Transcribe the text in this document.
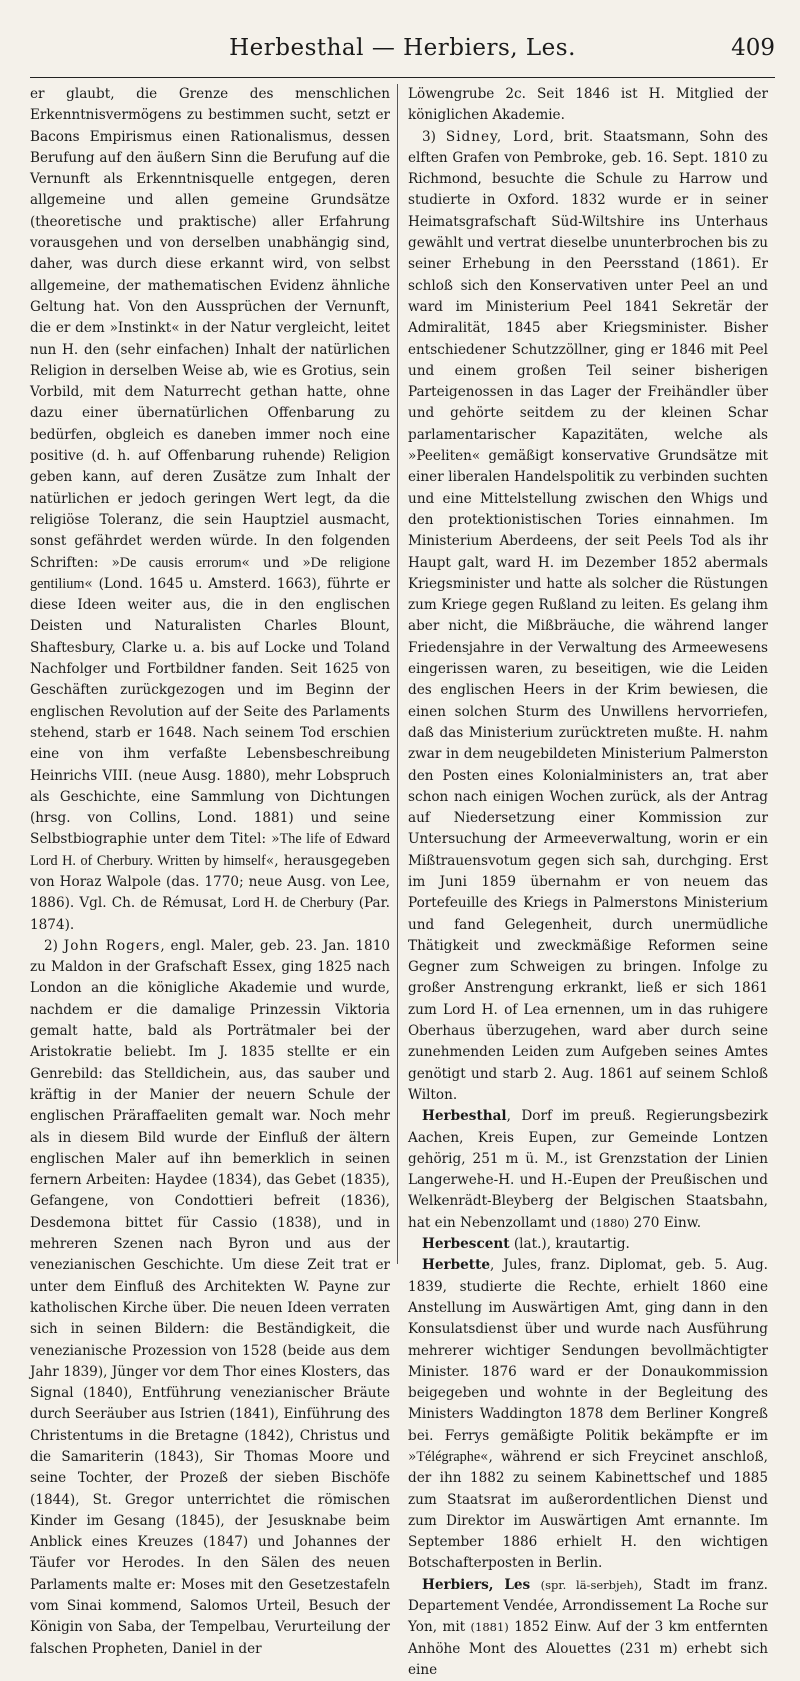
Herbesthal — Herbiers, Les.	409

er glaubt, die Grenze des menschlichen Erkenntnisvermögens zu bestimmen sucht, setzt er Bacons Empirismus einen Rationalismus, dessen Berufung auf den äußern Sinn die Berufung auf die Vernunft als Erkenntnisquelle entgegen, deren allgemeine und allen gemeine Grundsätze (theoretische und praktische) aller Erfahrung vorausgehen und von derselben unabhängig sind, daher, was durch diese erkannt wird, von selbst allgemeine, der mathematischen Evidenz ähnliche Geltung hat. Von den Aussprüchen der Vernunft, die er dem »Instinkt« in der Natur vergleicht, leitet nun H. den (sehr einfachen) Inhalt der natürlichen Religion in derselben Weise ab, wie es Grotius, sein Vorbild, mit dem Naturrecht gethan hatte, ohne dazu einer übernatürlichen Offenbarung zu bedürfen, obgleich es daneben immer noch eine positive (d. h. auf Offenbarung ruhende) Religion geben kann, auf deren Zusätze zum Inhalt der natürlichen er jedoch geringen Wert legt, da die religiöse Toleranz, die sein Hauptziel ausmacht, sonst gefährdet werden würde. In den folgenden Schriften: »De causis errorum« und »De religione gentilium« (Lond. 1645 u. Amsterd. 1663), führte er diese Ideen weiter aus, die in den englischen Deisten und Naturalisten Charles Blount, Shaftesbury, Clarke u. a. bis auf Locke und Toland Nachfolger und Fortbildner fanden. Seit 1625 von Geschäften zurückgezogen und im Beginn der englischen Revolution auf der Seite des Parlaments stehend, starb er 1648. Nach seinem Tod erschien eine von ihm verfaßte Lebensbeschreibung Heinrichs VIII. (neue Ausg. 1880), mehr Lobspruch als Geschichte, eine Sammlung von Dichtungen (hrsg. von Collins, Lond. 1881) und seine Selbstbiographie unter dem Titel: »The life of Edward Lord H. of Cherbury. Written by himself«, herausgegeben von Horaz Walpole (das. 1770; neue Ausg. von Lee, 1886). Vgl. Ch. de Rémusat, Lord H. de Cherbury (Par. 1874).

2) John Rogers, engl. Maler, geb. 23. Jan. 1810 zu Maldon in der Grafschaft Essex, ging 1825 nach London an die königliche Akademie und wurde, nachdem er die damalige Prinzessin Viktoria gemalt hatte, bald als Porträtmaler bei der Aristokratie beliebt. Im J. 1835 stellte er ein Genrebild: das Stelldichein, aus, das sauber und kräftig in der Manier der neuern Schule der englischen Präraffaeliten gemalt war. Noch mehr als in diesem Bild wurde der Einfluß der ältern englischen Maler auf ihn bemerklich in seinen fernern Arbeiten: Haydee (1834), das Gebet (1835), Gefangene, von Condottieri befreit (1836), Desdemona bittet für Cassio (1838), und in mehreren Szenen nach Byron und aus der venezianischen Geschichte. Um diese Zeit trat er unter dem Einfluß des Architekten W. Payne zur katholischen Kirche über. Die neuen Ideen verraten sich in seinen Bildern: die Beständigkeit, die venezianische Prozession von 1528 (beide aus dem Jahr 1839), Jünger vor dem Thor eines Klosters, das Signal (1840), Entführung venezianischer Bräute durch Seeräuber aus Istrien (1841), Einführung des Christentums in die Bretagne (1842), Christus und die Samariterin (1843), Sir Thomas Moore und seine Tochter, der Prozeß der sieben Bischöfe (1844), St. Gregor unterrichtet die römischen Kinder im Gesang (1845), der Jesusknabe beim Anblick eines Kreuzes (1847) und Johannes der Täufer vor Herodes. In den Sälen des neuen Parlaments malte er: Moses mit den Gesetzestafeln vom Sinai kommend, Salomos Urteil, Besuch der Königin von Saba, der Tempelbau, Verurteilung der falschen Propheten, Daniel in der

Löwengrube 2c. Seit 1846 ist H. Mitglied der königlichen Akademie.

3) Sidney, Lord, brit. Staatsmann, Sohn des elften Grafen von Pembroke, geb. 16. Sept. 1810 zu Richmond, besuchte die Schule zu Harrow und studierte in Oxford. 1832 wurde er in seiner Heimatsgrafschaft Süd-Wiltshire ins Unterhaus gewählt und vertrat dieselbe ununterbrochen bis zu seiner Erhebung in den Peersstand (1861). Er schloß sich den Konservativen unter Peel an und ward im Ministerium Peel 1841 Sekretär der Admiralität, 1845 aber Kriegsminister. Bisher entschiedener Schutzzöllner, ging er 1846 mit Peel und einem großen Teil seiner bisherigen Parteigenossen in das Lager der Freihändler über und gehörte seitdem zu der kleinen Schar parlamentarischer Kapazitäten, welche als »Peeliten« gemäßigt konservative Grundsätze mit einer liberalen Handelspolitik zu verbinden suchten und eine Mittelstellung zwischen den Whigs und den protektionistischen Tories einnahmen. Im Ministerium Aberdeens, der seit Peels Tod als ihr Haupt galt, ward H. im Dezember 1852 abermals Kriegsminister und hatte als solcher die Rüstungen zum Kriege gegen Rußland zu leiten. Es gelang ihm aber nicht, die Mißbräuche, die während langer Friedensjahre in der Verwaltung des Armeewesens eingerissen waren, zu beseitigen, wie die Leiden des englischen Heers in der Krim bewiesen, die einen solchen Sturm des Unwillens hervorriefen, daß das Ministerium zurücktreten mußte. H. nahm zwar in dem neugebildeten Ministerium Palmerston den Posten eines Kolonialministers an, trat aber schon nach einigen Wochen zurück, als der Antrag auf Niedersetzung einer Kommission zur Untersuchung der Armeeverwaltung, worin er ein Mißtrauensvotum gegen sich sah, durchging. Erst im Juni 1859 übernahm er von neuem das Portefeuille des Kriegs in Palmerstons Ministerium und fand Gelegenheit, durch unermüdliche Thätigkeit und zweckmäßige Reformen seine Gegner zum Schweigen zu bringen. Infolge zu großer Anstrengung erkrankt, ließ er sich 1861 zum Lord H. of Lea ernennen, um in das ruhigere Oberhaus überzugehen, ward aber durch seine zunehmenden Leiden zum Aufgeben seines Amtes genötigt und starb 2. Aug. 1861 auf seinem Schloß Wilton.

Herbesthal, Dorf im preuß. Regierungsbezirk Aachen, Kreis Eupen, zur Gemeinde Lontzen gehörig, 251 m ü. M., ist Grenzstation der Linien Langerwehe-H. und H.-Eupen der Preußischen und Welkenrädt-Bleyberg der Belgischen Staatsbahn, hat ein Nebenzollamt und (1880) 270 Einw.

Herbescent (lat.), krautartig.

Herbette, Jules, franz. Diplomat, geb. 5. Aug. 1839, studierte die Rechte, erhielt 1860 eine Anstellung im Auswärtigen Amt, ging dann in den Konsulatsdienst über und wurde nach Ausführung mehrerer wichtiger Sendungen bevollmächtigter Minister. 1876 ward er der Donaukommission beigegeben und wohnte in der Begleitung des Ministers Waddington 1878 dem Berliner Kongreß bei. Ferrys gemäßigte Politik bekämpfte er im »Télégraphe«, während er sich Freycinet anschloß, der ihn 1882 zu seinem Kabinettschef und 1885 zum Staatsrat im außerordentlichen Dienst und zum Direktor im Auswärtigen Amt ernannte. Im September 1886 erhielt H. den wichtigen Botschafterposten in Berlin.

Herbiers, Les (spr. lä-serbjeh), Stadt im franz. Departement Vendée, Arrondissement La Roche sur Yon, mit (1881) 1852 Einw. Auf der 3 km entfernten Anhöhe Mont des Alouettes (231 m) erhebt sich eine
